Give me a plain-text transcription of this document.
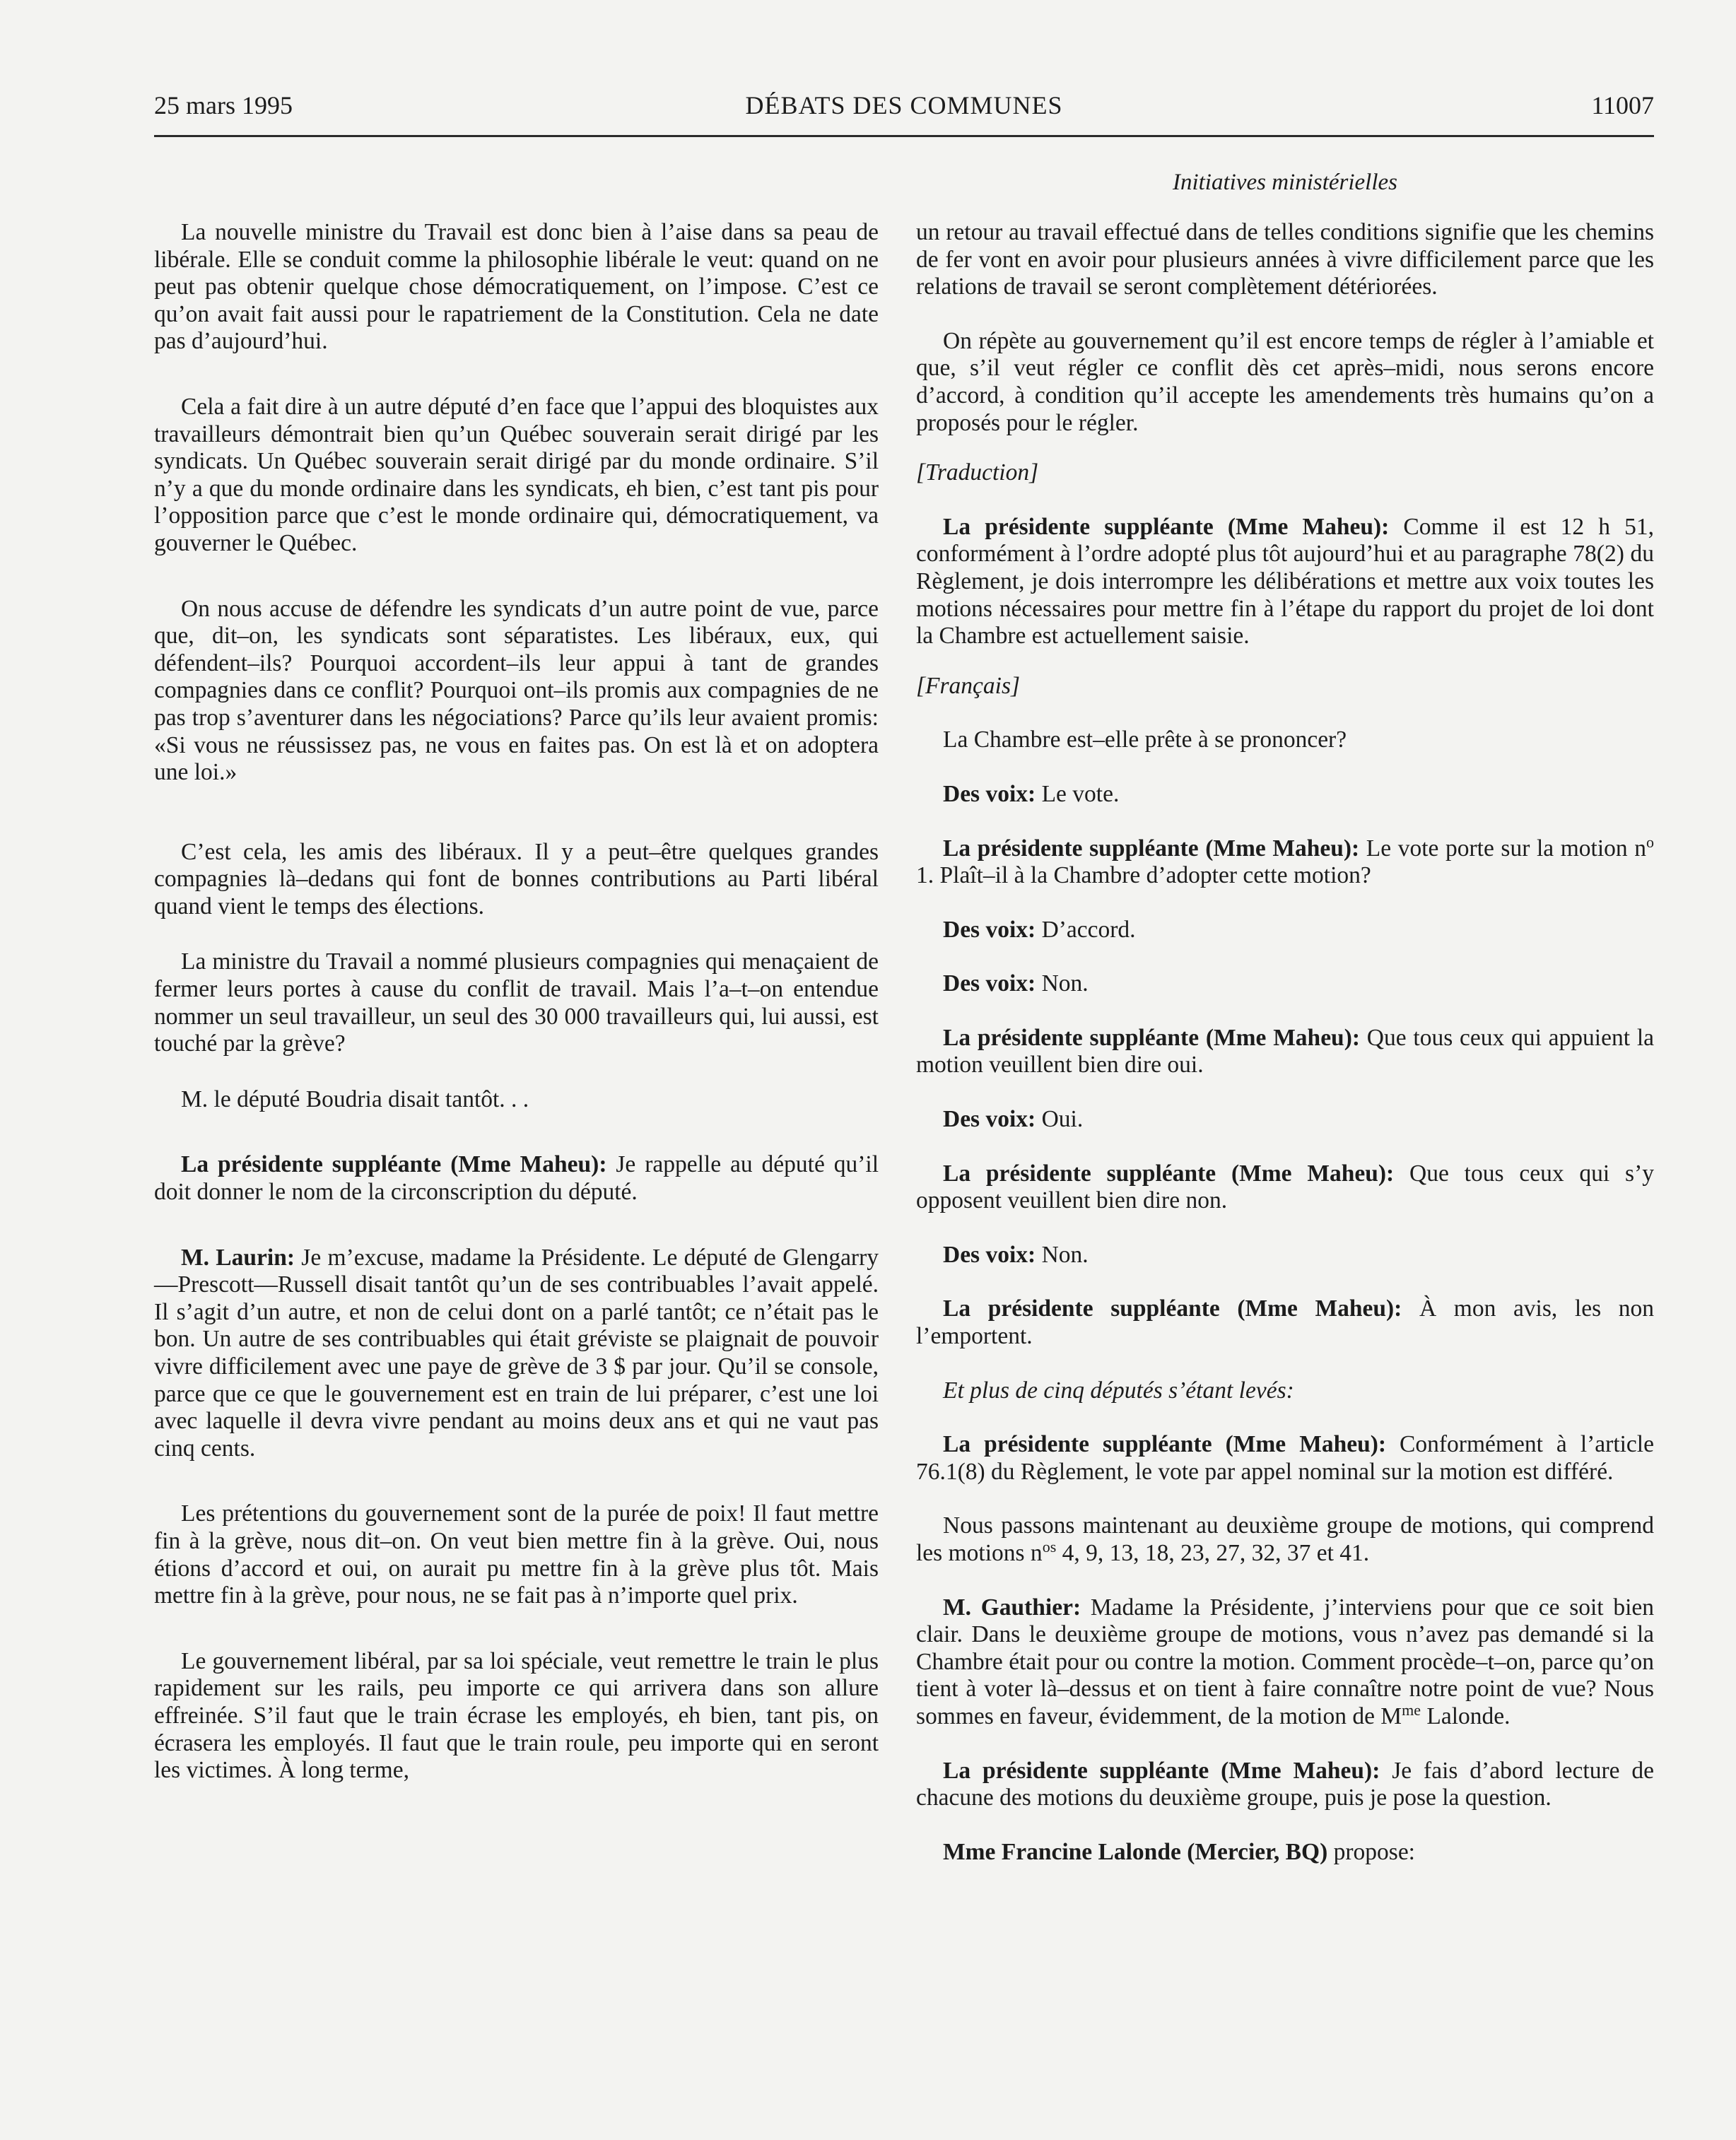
25 mars 1995	DÉBATS DES COMMUNES	11007
Initiatives ministérielles

La nouvelle ministre du Travail est donc bien à l’aise dans sa peau de libérale. Elle se conduit comme la philosophie libérale le veut: quand on ne peut pas obtenir quelque chose démocratiquement, on l’impose. C’est ce qu’on avait fait aussi pour le rapatriement de la Constitution. Cela ne date pas d’aujourd’hui.

Cela a fait dire à un autre député d’en face que l’appui des bloquistes aux travailleurs démontrait bien qu’un Québec souverain serait dirigé par les syndicats. Un Québec souverain serait dirigé par du monde ordinaire. S’il n’y a que du monde ordinaire dans les syndicats, eh bien, c’est tant pis pour l’opposition parce que c’est le monde ordinaire qui, démocratiquement, va gouverner le Québec.

On nous accuse de défendre les syndicats d’un autre point de vue, parce que, dit–on, les syndicats sont séparatistes. Les libéraux, eux, qui défendent–ils? Pourquoi accordent–ils leur appui à tant de grandes compagnies dans ce conflit? Pourquoi ont–ils promis aux compagnies de ne pas trop s’aventurer dans les négociations? Parce qu’ils leur avaient promis: «Si vous ne réussissez pas, ne vous en faites pas. On est là et on adoptera une loi.»

C’est cela, les amis des libéraux. Il y a peut–être quelques grandes compagnies là–dedans qui font de bonnes contributions au Parti libéral quand vient le temps des élections.

La ministre du Travail a nommé plusieurs compagnies qui menaçaient de fermer leurs portes à cause du conflit de travail. Mais l’a–t–on entendue nommer un seul travailleur, un seul des 30 000 travailleurs qui, lui aussi, est touché par la grève?

M. le député Boudria disait tantôt. . .

La présidente suppléante (Mme Maheu): Je rappelle au député qu’il doit donner le nom de la circonscription du député.

M. Laurin: Je m’excuse, madame la Présidente. Le député de Glengarry—Prescott—Russell disait tantôt qu’un de ses contribuables l’avait appelé. Il s’agit d’un autre, et non de celui dont on a parlé tantôt; ce n’était pas le bon. Un autre de ses contribuables qui était gréviste se plaignait de pouvoir vivre difficilement avec une paye de grève de 3 $ par jour. Qu’il se console, parce que ce que le gouvernement est en train de lui préparer, c’est une loi avec laquelle il devra vivre pendant au moins deux ans et qui ne vaut pas cinq cents.

Les prétentions du gouvernement sont de la purée de poix! Il faut mettre fin à la grève, nous dit–on. On veut bien mettre fin à la grève. Oui, nous étions d’accord et oui, on aurait pu mettre fin à la grève plus tôt. Mais mettre fin à la grève, pour nous, ne se fait pas à n’importe quel prix.

Le gouvernement libéral, par sa loi spéciale, veut remettre le train le plus rapidement sur les rails, peu importe ce qui arrivera dans son allure effreinée. S’il faut que le train écrase les employés, eh bien, tant pis, on écrasera les employés. Il faut que le train roule, peu importe qui en seront les victimes. À long terme,

un retour au travail effectué dans de telles conditions signifie que les chemins de fer vont en avoir pour plusieurs années à vivre difficilement parce que les relations de travail se seront complètement détériorées.

On répète au gouvernement qu’il est encore temps de régler à l’amiable et que, s’il veut régler ce conflit dès cet après–midi, nous serons encore d’accord, à condition qu’il accepte les amendements très humains qu’on a proposés pour le régler.

[Traduction]

La présidente suppléante (Mme Maheu): Comme il est 12 h 51, conformément à l’ordre adopté plus tôt aujourd’hui et au paragraphe 78(2) du Règlement, je dois interrompre les délibérations et mettre aux voix toutes les motions nécessaires pour mettre fin à l’étape du rapport du projet de loi dont la Chambre est actuellement saisie.

[Français]

La Chambre est–elle prête à se prononcer?

Des voix: Le vote.

La présidente suppléante (Mme Maheu): Le vote porte sur la motion $n^o$ 1. Plaît–il à la Chambre d’adopter cette motion?

Des voix: D’accord.

Des voix: Non.

La présidente suppléante (Mme Maheu): Que tous ceux qui appuient la motion veuillent bien dire oui.

Des voix: Oui.

La présidente suppléante (Mme Maheu): Que tous ceux qui s’y opposent veuillent bien dire non.

Des voix: Non.

La présidente suppléante (Mme Maheu): À mon avis, les non l’emportent.

Et plus de cinq députés s’étant levés:

La présidente suppléante (Mme Maheu): Conformément à l’article 76.1(8) du Règlement, le vote par appel nominal sur la motion est différé.

Nous passons maintenant au deuxième groupe de motions, qui comprend les motions $n^{os}$ 4, 9, 13, 18, 23, 27, 32, 37 et 41.

M. Gauthier: Madame la Présidente, j’interviens pour que ce soit bien clair. Dans le deuxième groupe de motions, vous n’avez pas demandé si la Chambre était pour ou contre la motion. Comment procède–t–on, parce qu’on tient à voter là–dessus et on tient à faire connaître notre point de vue? Nous sommes en faveur, évidemment, de la motion de $M^{me}$ Lalonde.

La présidente suppléante (Mme Maheu): Je fais d’abord lecture de chacune des motions du deuxième groupe, puis je pose la question.

Mme Francine Lalonde (Mercier, BQ) propose:
